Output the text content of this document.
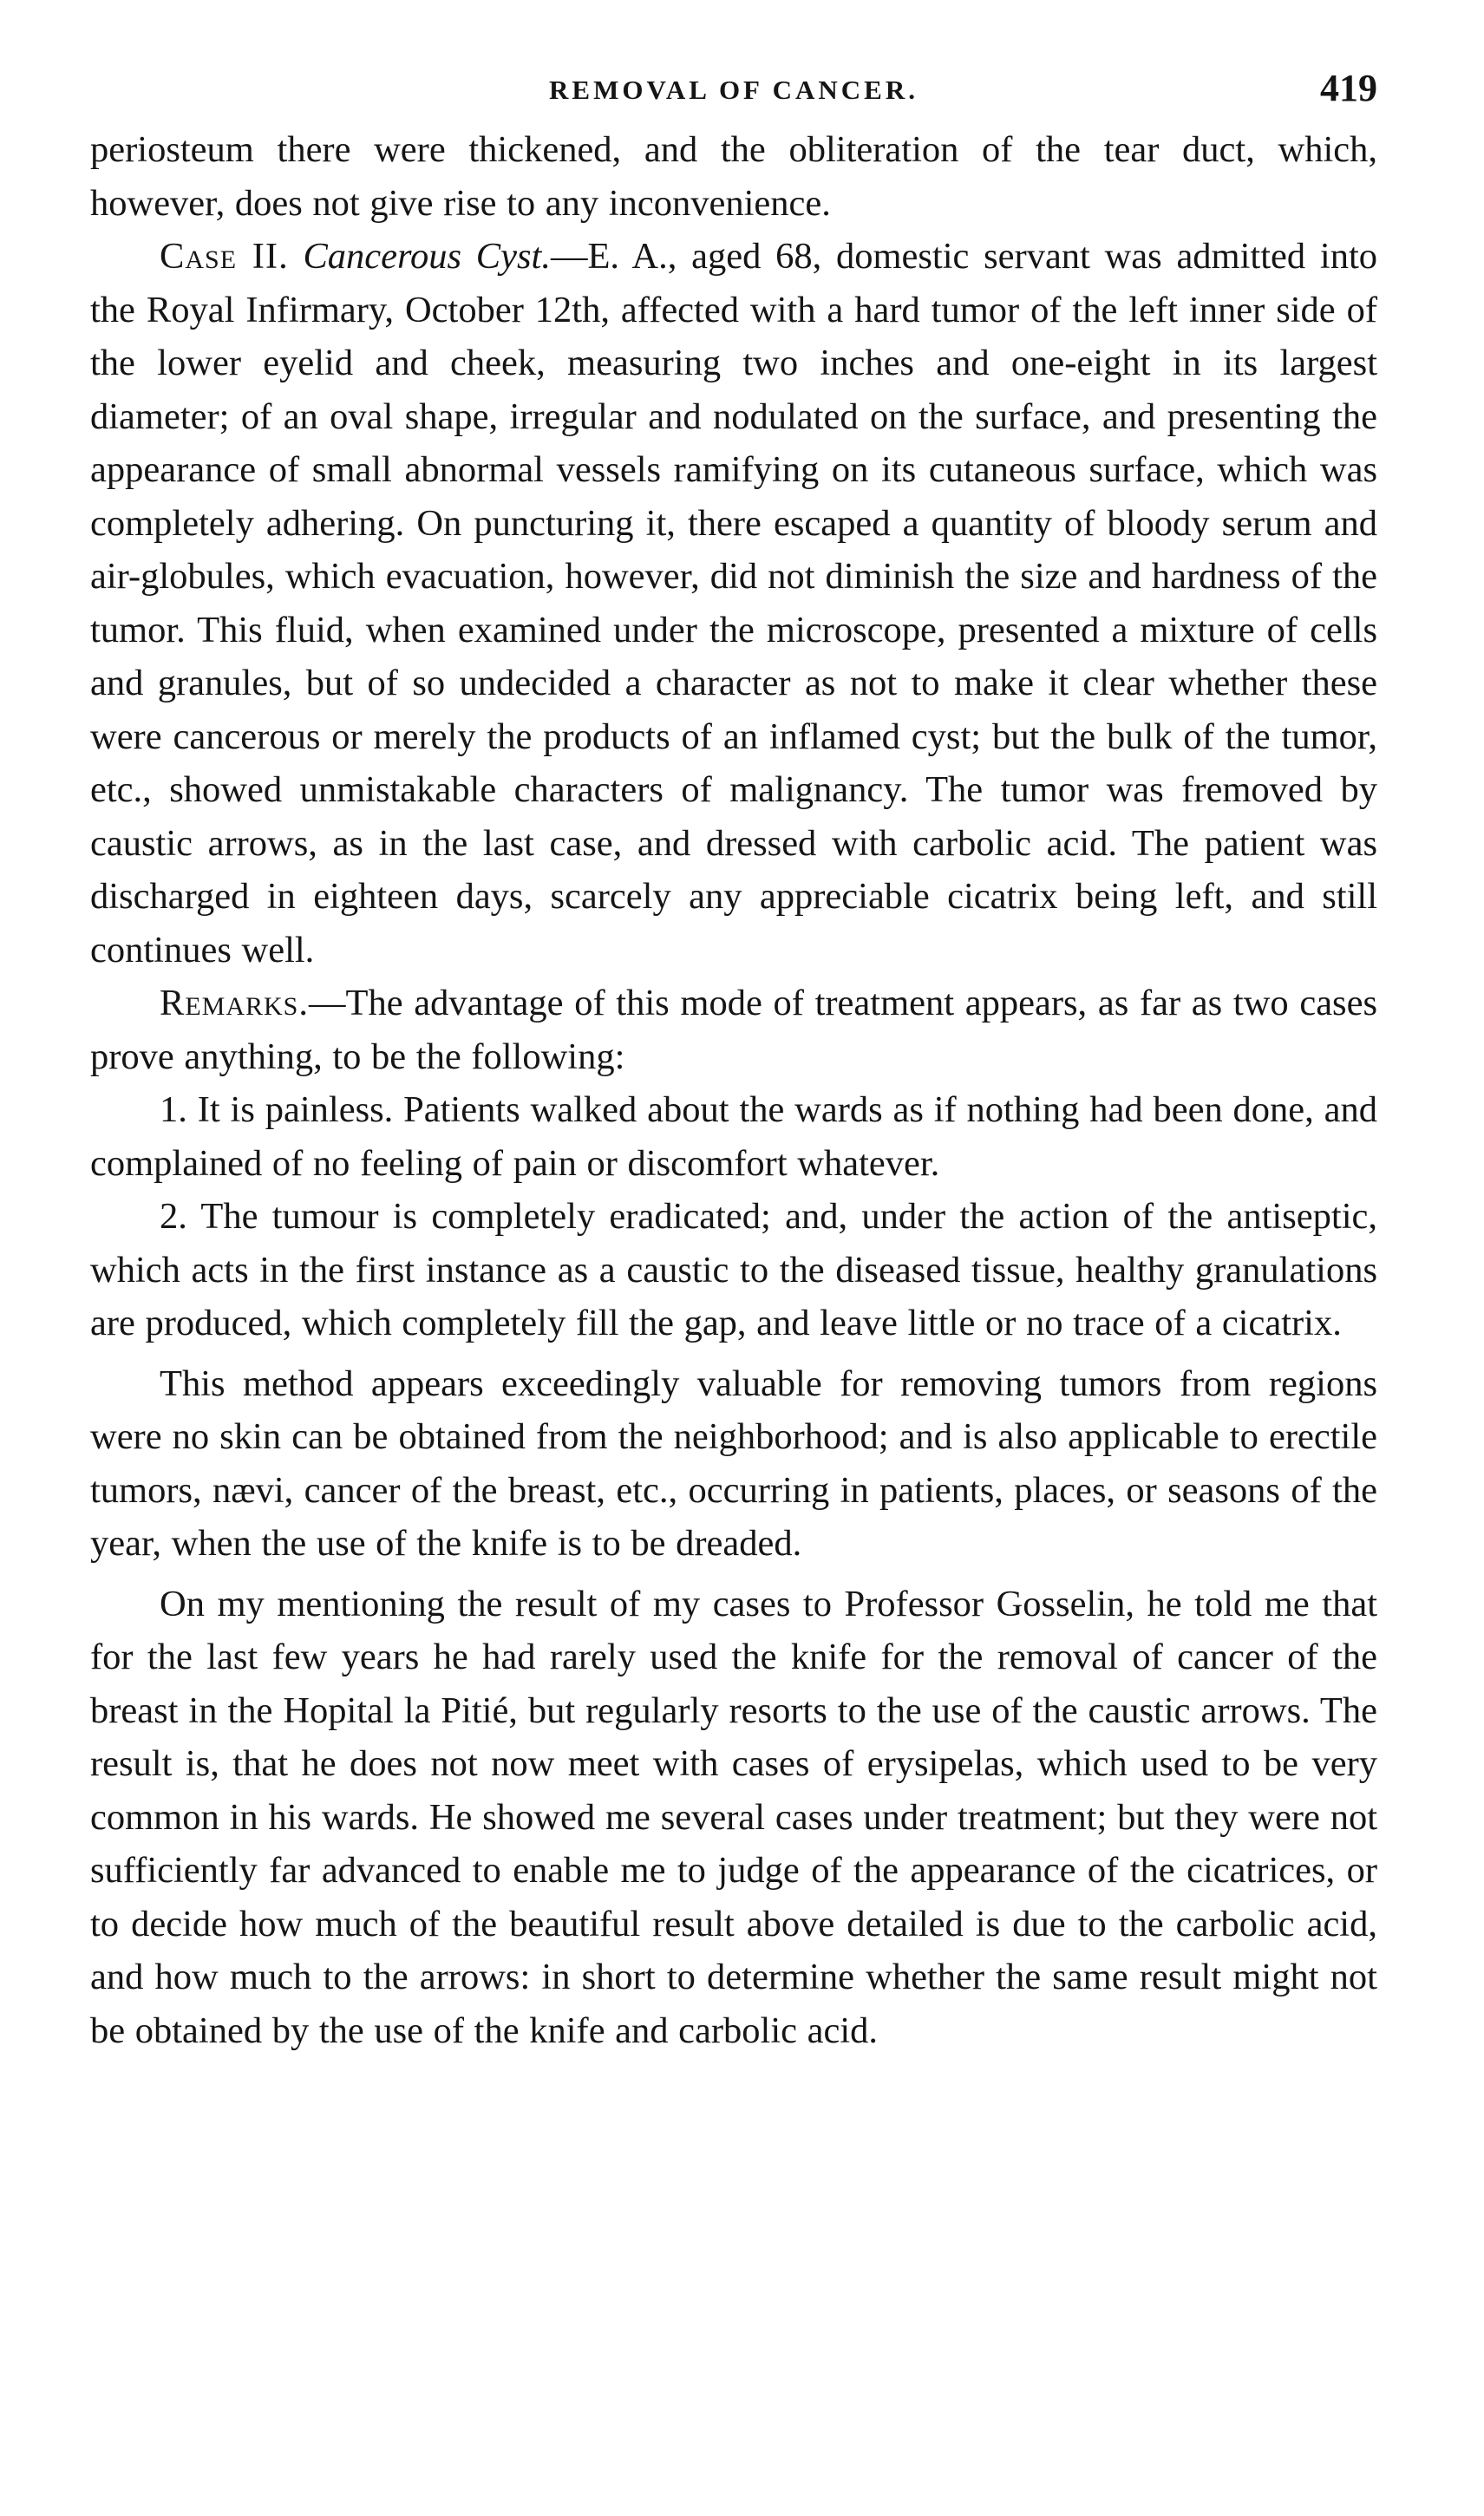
REMOVAL OF CANCER.	419

periosteum there were thickened, and the obliteration of the tear duct, which, however, does not give rise to any inconvenience.

Case II. Cancerous Cyst.—E. A., aged 68, domestic servant was admitted into the Royal Infirmary, October 12th, affected with a hard tumor of the left inner side of the lower eyelid and cheek, measuring two inches and one-eight in its largest diameter; of an oval shape, irregular and nodulated on the surface, and presenting the appearance of small abnormal vessels ramifying on its cutaneous surface, which was completely adhering. On puncturing it, there escaped a quantity of bloody serum and air-globules, which evacuation, however, did not diminish the size and hardness of the tumor. This fluid, when examined under the microscope, presented a mixture of cells and granules, but of so undecided a character as not to make it clear whether these were cancerous or merely the products of an inflamed cyst; but the bulk of the tumor, etc., showed unmistakable characters of malignancy. The tumor was fremoved by caustic arrows, as in the last case, and dressed with carbolic acid. The patient was discharged in eighteen days, scarcely any appreciable cicatrix being left, and still continues well.

Remarks.—The advantage of this mode of treatment appears, as far as two cases prove anything, to be the following:

1. It is painless. Patients walked about the wards as if nothing had been done, and complained of no feeling of pain or discomfort whatever.

2. The tumour is completely eradicated; and, under the action of the antiseptic, which acts in the first instance as a caustic to the diseased tissue, healthy granulations are produced, which completely fill the gap, and leave little or no trace of a cicatrix.

This method appears exceedingly valuable for removing tumors from regions were no skin can be obtained from the neighborhood; and is also applicable to erectile tumors, nævi, cancer of the breast, etc., occurring in patients, places, or seasons of the year, when the use of the knife is to be dreaded.

On my mentioning the result of my cases to Professor Gosselin, he told me that for the last few years he had rarely used the knife for the removal of cancer of the breast in the Hopital la Pitié, but regularly resorts to the use of the caustic arrows. The result is, that he does not now meet with cases of erysipelas, which used to be very common in his wards. He showed me several cases under treatment; but they were not sufficiently far advanced to enable me to judge of the appearance of the cicatrices, or to decide how much of the beautiful result above detailed is due to the carbolic acid, and how much to the arrows: in short to determine whether the same result might not be obtained by the use of the knife and carbolic acid.
